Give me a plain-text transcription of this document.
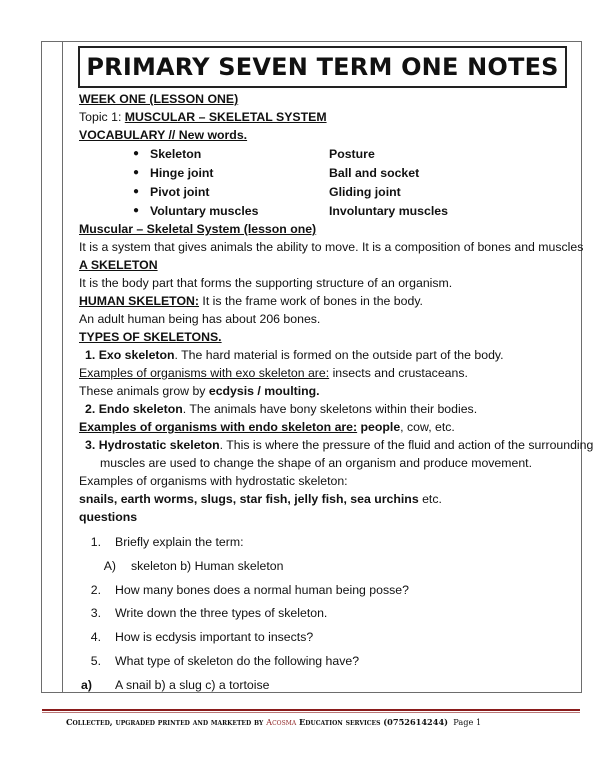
PRIMARY SEVEN TERM ONE NOTES
WEEK ONE (LESSON ONE)
Topic 1: MUSCULAR – SKELETAL SYSTEM
VOCABULARY // New words.
● Skeleton	Posture
● Hinge joint	Ball and socket
● Pivot joint	Gliding joint
● Voluntary muscles	Involuntary muscles
Muscular – Skeletal System (lesson one)
It is a system that gives animals the ability to move. It is a composition of bones and muscles
A SKELETON
It is the body part that forms the supporting structure of an organism.
HUMAN SKELETON: It is the frame work of bones in the body.
An adult human being has about 206 bones.
TYPES OF SKELETONS.
1. Exo skeleton. The hard material is formed on the outside part of the body.
Examples of organisms with exo skeleton are: insects and crustaceans.
These animals grow by ecdysis / moulting.
2. Endo skeleton. The animals have bony skeletons within their bodies.
Examples of organisms with endo skeleton are: people, cow, etc.
3. Hydrostatic skeleton. This is where the pressure of the fluid and action of the surrounding
muscles are used to change the shape of an organism and produce movement.
Examples of organisms with hydrostatic skeleton:
snails, earth worms, slugs, star fish, jelly fish, sea urchins etc.
questions
1. Briefly explain the term:
A) skeleton b) Human skeleton
2. How many bones does a normal human being posse?
3. Write down the three types of skeleton.
4. How is ecdysis important to insects?
5. What type of skeleton do the following have?
a) A snail b) a slug c) a tortoise
Collected, upgraded printed and marketed by Acosma Education services (0752614244) Page 1
